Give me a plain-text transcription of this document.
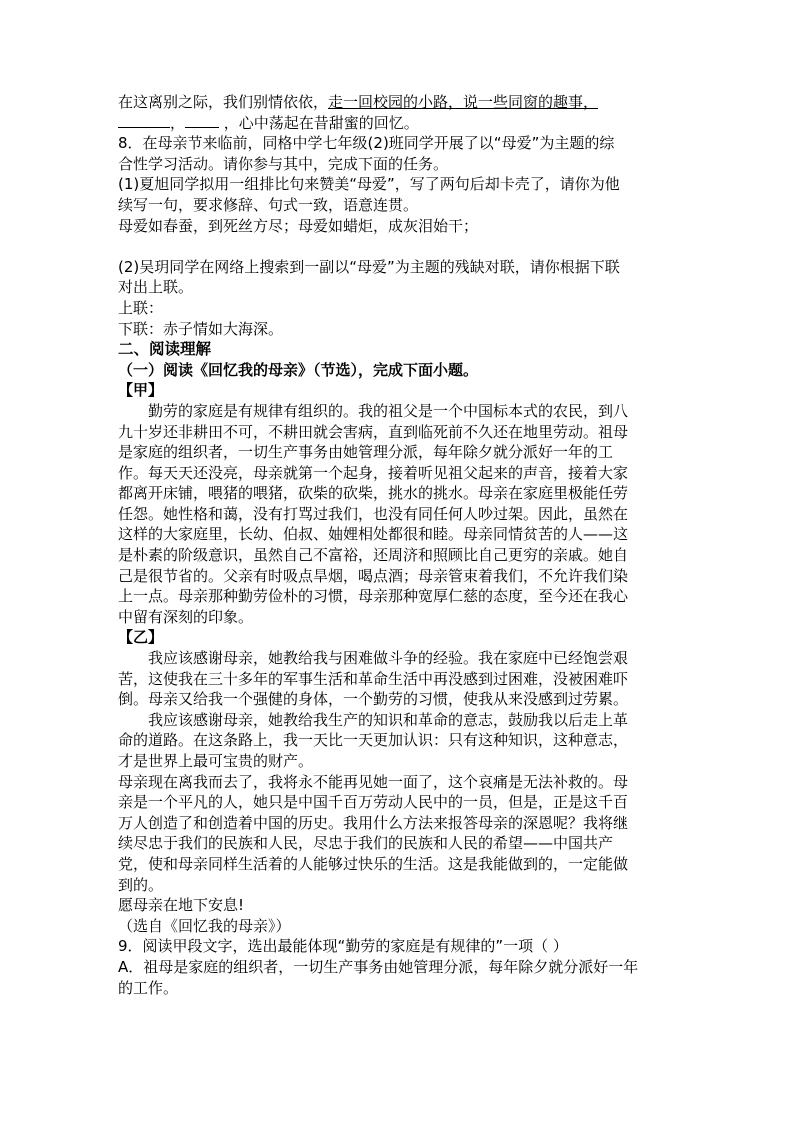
在这离别之际，我们别情依依，走一回校园的小路，说一些同窗的趣事，
， ，心中荡起在昔甜蜜的回忆。
8．在母亲节来临前，同格中学七年级(2)班同学开展了以“母爱”为主题的综
合性学习活动。请你参与其中，完成下面的任务。
(1)夏旭同学拟用一组排比句来赞美“母爱”，写了两句后却卡壳了，请你为他
续写一句，要求修辞、句式一致，语意连贯。
母爱如春蚕，到死丝方尽；母爱如蜡炬，成灰泪始干；
(2)吴玥同学在网络上搜索到一副以“母爱”为主题的残缺对联，请你根据下联
对出上联。
上联：
下联：赤子情如大海深。
二、阅读理解
（一）阅读《回忆我的母亲》（节选），完成下面小题。
【甲】
勤劳的家庭是有规律有组织的。我的祖父是一个中国标本式的农民，到八
九十岁还非耕田不可，不耕田就会害病，直到临死前不久还在地里劳动。祖母
是家庭的组织者，一切生产事务由她管理分派，每年除夕就分派好一年的工
作。每天天还没亮，母亲就第一个起身，接着听见祖父起来的声音，接着大家
都离开床铺，喂猪的喂猪，砍柴的砍柴，挑水的挑水。母亲在家庭里极能任劳
任怨。她性格和蔼，没有打骂过我们，也没有同任何人吵过架。因此，虽然在
这样的大家庭里，长幼、伯叔、妯娌相处都很和睦。母亲同情贫苦的人——这
是朴素的阶级意识，虽然自己不富裕，还周济和照顾比自己更穷的亲戚。她自
己是很节省的。父亲有时吸点旱烟，喝点酒；母亲管束着我们，不允许我们染
上一点。母亲那种勤劳俭朴的习惯，母亲那种宽厚仁慈的态度，至今还在我心
中留有深刻的印象。
【乙】
我应该感谢母亲，她教给我与困难做斗争的经验。我在家庭中已经饱尝艰
苦，这使我在三十多年的军事生活和革命生活中再没感到过困难，没被困难吓
倒。母亲又给我一个强健的身体，一个勤劳的习惯，使我从来没感到过劳累。
我应该感谢母亲，她教给我生产的知识和革命的意志，鼓励我以后走上革
命的道路。在这条路上，我一天比一天更加认识：只有这种知识，这种意志，
才是世界上最可宝贵的财产。
母亲现在离我而去了，我将永不能再见她一面了，这个哀痛是无法补救的。母
亲是一个平凡的人，她只是中国千百万劳动人民中的一员，但是，正是这千百
万人创造了和创造着中国的历史。我用什么方法来报答母亲的深恩呢？我将继
续尽忠于我们的民族和人民，尽忠于我们的民族和人民的希望——中国共产
党，使和母亲同样生活着的人能够过快乐的生活。这是我能做到的，一定能做
到的。
愿母亲在地下安息!
（选自《回忆我的母亲》）
9．阅读甲段文字，选出最能体现“勤劳的家庭是有规律的”一项（ ）
A．祖母是家庭的组织者，一切生产事务由她管理分派，每年除夕就分派好一年
的工作。
